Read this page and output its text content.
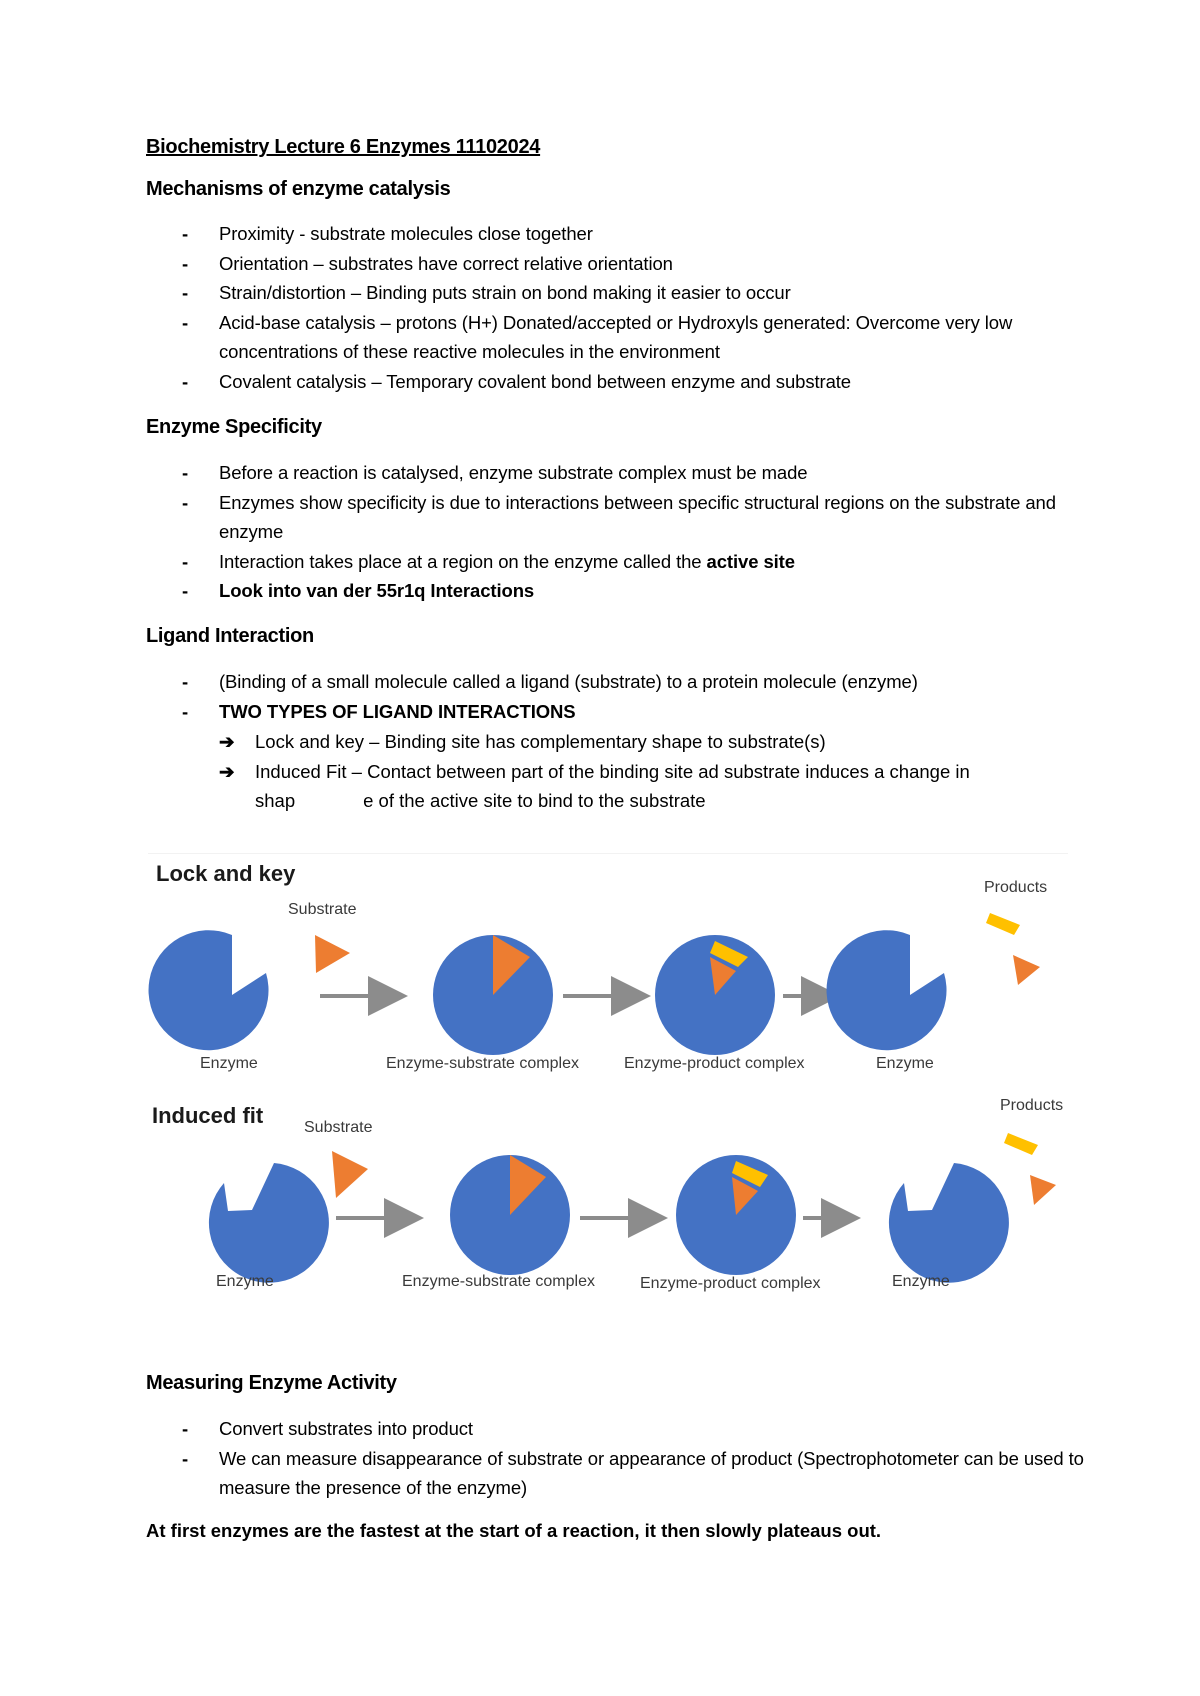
Biochemistry Lecture 6 Enzymes 11102024
Mechanisms of enzyme catalysis
- Proximity - substrate molecules close together
- Orientation – substrates have correct relative orientation
- Strain/distortion – Binding puts strain on bond making it easier to occur
- Acid-base catalysis – protons (H+) Donated/accepted or Hydroxyls generated: Overcome very low concentrations of these reactive molecules in the environment
- Covalent catalysis – Temporary covalent bond between enzyme and substrate
Enzyme Specificity
- Before a reaction is catalysed, enzyme substrate complex must be made
- Enzymes show specificity is due to interactions between specific structural regions on the substrate and enzyme
- Interaction takes place at a region on the enzyme called the active site
- Look into van der 55r1q Interactions
Ligand Interaction
- (Binding of a small molecule called a ligand (substrate) to a protein molecule (enzyme)
- TWO TYPES OF LIGAND INTERACTIONS
➔ Lock and key – Binding site has complementary shape to substrate(s)
➔ Induced Fit – Contact between part of the binding site ad substrate induces a change in
shap	e of the active site to bind to the substrate
Lock and key
Substrate
Products
Enzyme	Enzyme-substrate complex	Enzyme-product complex	Enzyme
Induced fit	Substrate
Products
Enzyme	Enzyme-substrate complex	Enzyme-product complex	Enzyme
Measuring Enzyme Activity
- Convert substrates into product
- We can measure disappearance of substrate or appearance of product (Spectrophotometer can be used to measure the presence of the enzyme)
At first enzymes are the fastest at the start of a reaction, it then slowly plateaus out.
